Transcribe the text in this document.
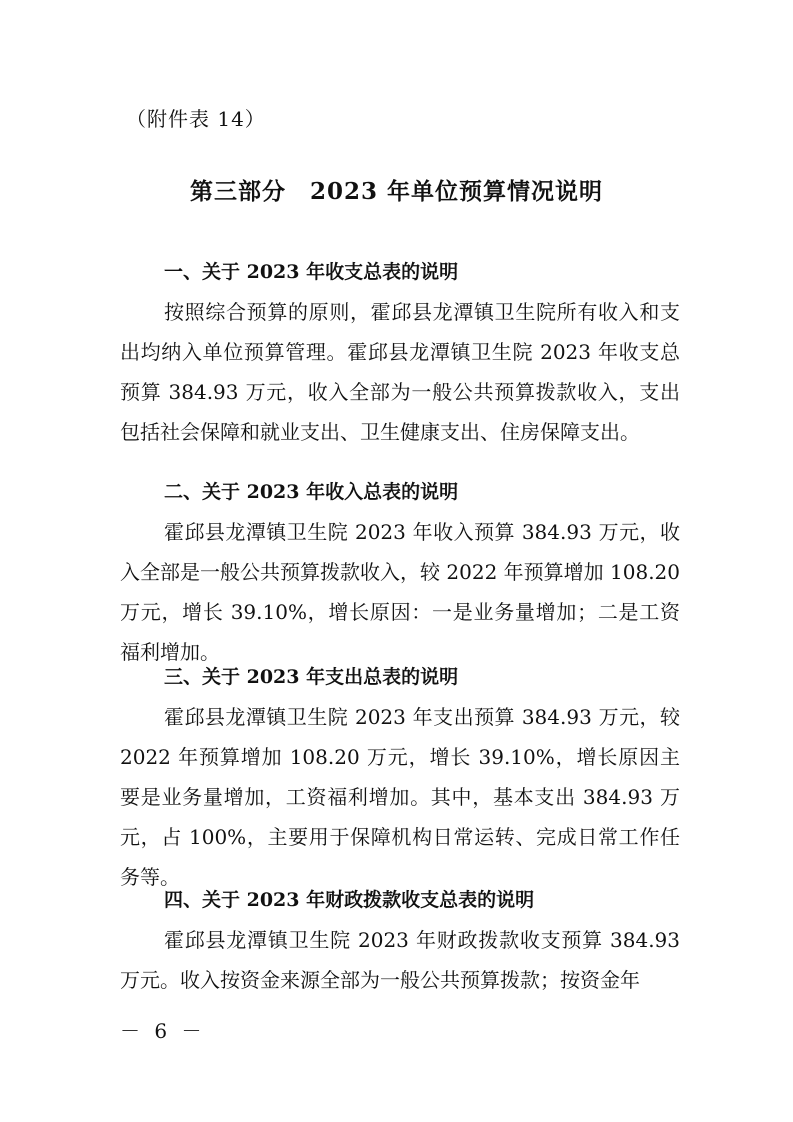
（附件表 14）
第三部分　2023 年单位预算情况说明
一、关于 2023 年收支总表的说明

按照综合预算的原则，霍邱县龙潭镇卫生院所有收入和支出均纳入单位预算管理。霍邱县龙潭镇卫生院 2023 年收支总预算 384.93 万元，收入全部为一般公共预算拨款收入，支出包括社会保障和就业支出、卫生健康支出、住房保障支出。

二、关于 2023 年收入总表的说明

霍邱县龙潭镇卫生院 2023 年收入预算 384.93 万元，收入全部是一般公共预算拨款收入，较 2022 年预算增加 108.20 万元，增长 39.10%，增长原因：一是业务量增加；二是工资福利增加。

三、关于 2023 年支出总表的说明

霍邱县龙潭镇卫生院 2023 年支出预算 384.93 万元，较 2022 年预算增加 108.20 万元，增长 39.10%，增长原因主要是业务量增加，工资福利增加。其中，基本支出 384.93 万元，占 100%，主要用于保障机构日常运转、完成日常工作任务等。

四、关于 2023 年财政拨款收支总表的说明

霍邱县龙潭镇卫生院 2023 年财政拨款收支预算 384.93 万元。收入按资金来源全部为一般公共预算拨款；按资金年

－ 6 －
